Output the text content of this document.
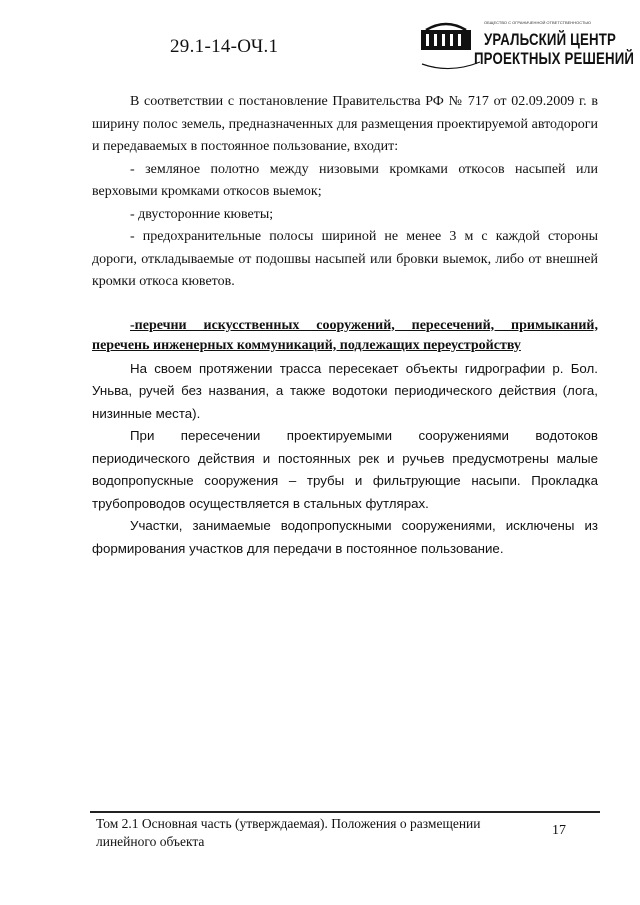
29.1-14-ОЧ.1
ОБЩЕСТВО С ОГРАНИЧЕННОЙ ОТВЕТСТВЕННОСТЬЮ
УРАЛЬСКИЙ ЦЕНТР
ПРОЕКТНЫХ РЕШЕНИЙ

В соответствии с постановление Правительства РФ № 717 от 02.09.2009 г. в ширину полос земель, предназначенных для размещения проектируемой автодороги и передаваемых в постоянное пользование, входит:

- земляное полотно между низовыми кромками откосов насыпей или верховыми кромками откосов выемок;

- двусторонние кюветы;

- предохранительные полосы шириной не менее 3 м с каждой стороны дороги, откладываемые от подошвы насыпей или бровки выемок, либо от внешней кромки откоса кюветов.

-перечни искусственных сооружений, пересечений, примыканий, перечень инженерных коммуникаций, подлежащих переустройству

На своем протяжении трасса пересекает объекты гидрографии р. Бол. Уньва, ручей без названия, а также водотоки периодического действия (лога, низинные места).

При пересечении проектируемыми сооружениями водотоков периодического действия и постоянных рек и ручьев предусмотрены малые водопропускные сооружения – трубы и фильтрующие насыпи. Прокладка трубопроводов осуществляется в стальных футлярах.

Участки, занимаемые водопропускными сооружениями, исключены из формирования участков для передачи в постоянное пользование.

Том 2.1 Основная часть (утверждаемая). Положения о размещении линейного объекта
17
